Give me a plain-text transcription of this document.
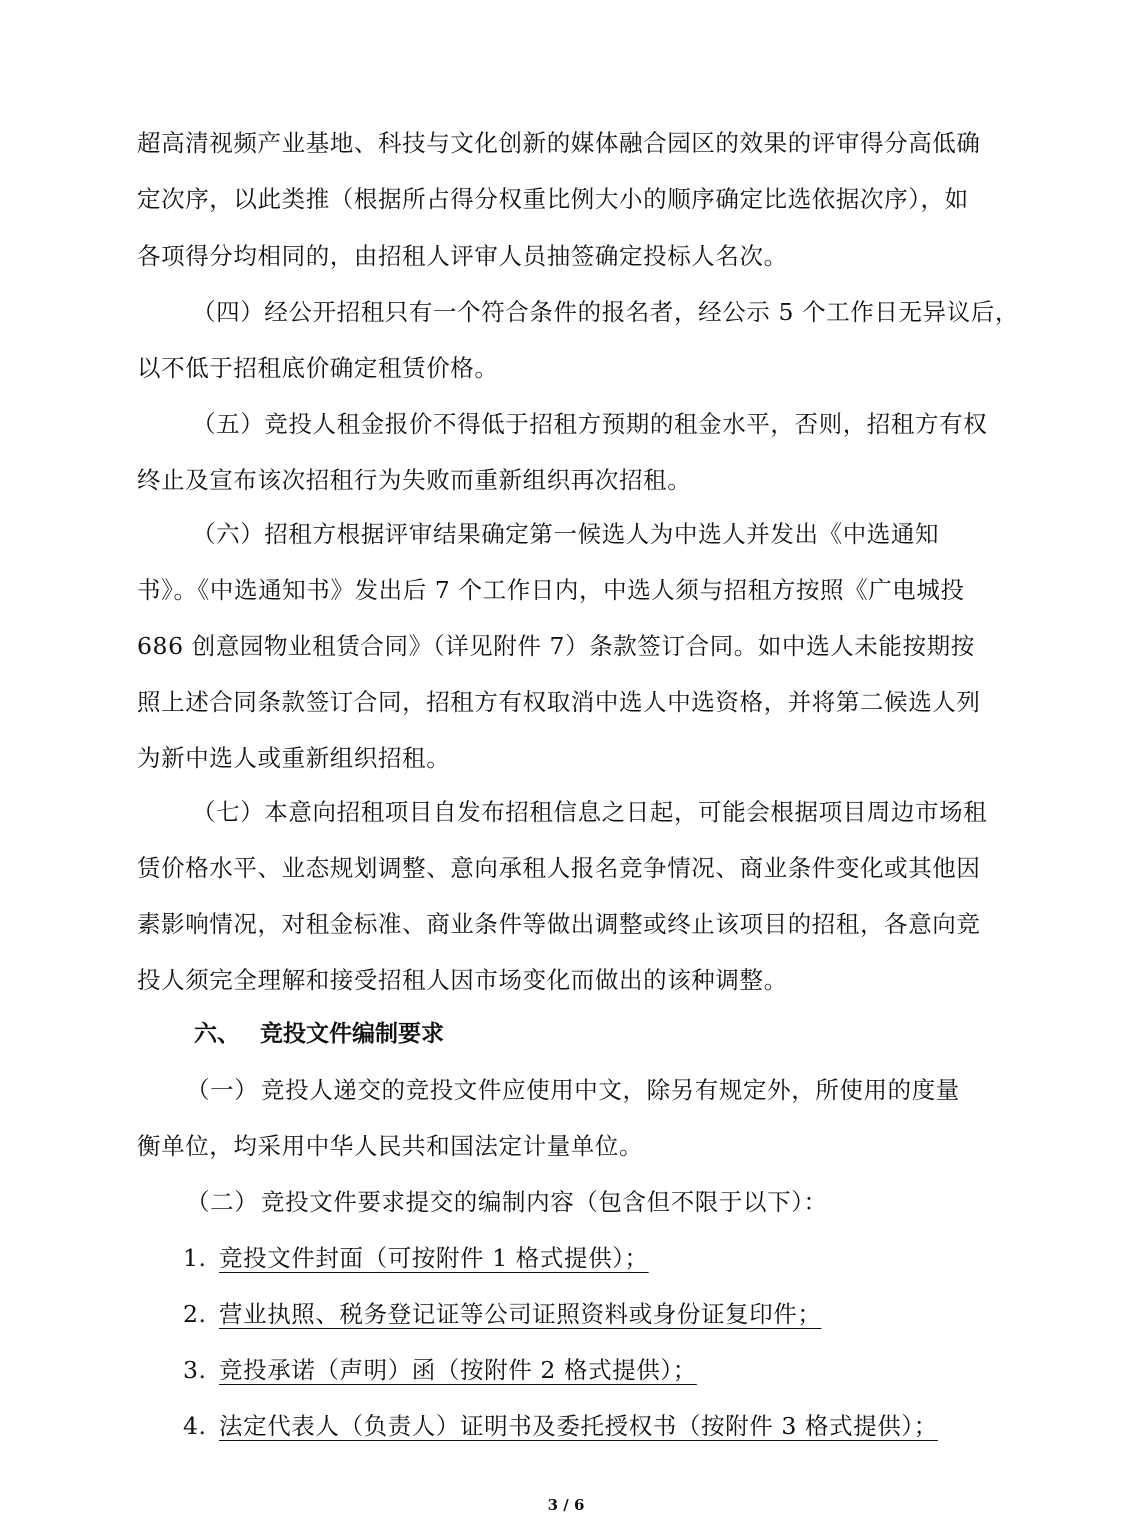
超高清视频产业基地、科技与文化创新的媒体融合园区的效果的评审得分高低确
定次序，以此类推（根据所占得分权重比例大小的顺序确定比选依据次序），如
各项得分均相同的，由招租人评审人员抽签确定投标人名次。
（四）经公开招租只有一个符合条件的报名者，经公示 5 个工作日无异议后，
以不低于招租底价确定租赁价格。
（五）竞投人租金报价不得低于招租方预期的租金水平，否则，招租方有权
终止及宣布该次招租行为失败而重新组织再次招租。
（六）招租方根据评审结果确定第一候选人为中选人并发出《中选通知
书》。《中选通知书》发出后 7 个工作日内，中选人须与招租方按照《广电城投
686 创意园物业租赁合同》（详见附件 7）条款签订合同。如中选人未能按期按
照上述合同条款签订合同，招租方有权取消中选人中选资格，并将第二候选人列
为新中选人或重新组织招租。
（七）本意向招租项目自发布招租信息之日起，可能会根据项目周边市场租
赁价格水平、业态规划调整、意向承租人报名竞争情况、商业条件变化或其他因
素影响情况，对租金标准、商业条件等做出调整或终止该项目的招租，各意向竞
投人须完全理解和接受招租人因市场变化而做出的该种调整。
六、 竞投文件编制要求
（一） 竞投人递交的竞投文件应使用中文，除另有规定外，所使用的度量
衡单位，均采用中华人民共和国法定计量单位。
（二） 竞投文件要求提交的编制内容（包含但不限于以下）：
1. 竞投文件封面（可按附件 1 格式提供）；
2. 营业执照、税务登记证等公司证照资料或身份证复印件；
3. 竞投承诺（声明）函（按附件 2 格式提供）；
4. 法定代表人（负责人）证明书及委托授权书（按附件 3 格式提供）；
3 / 6
